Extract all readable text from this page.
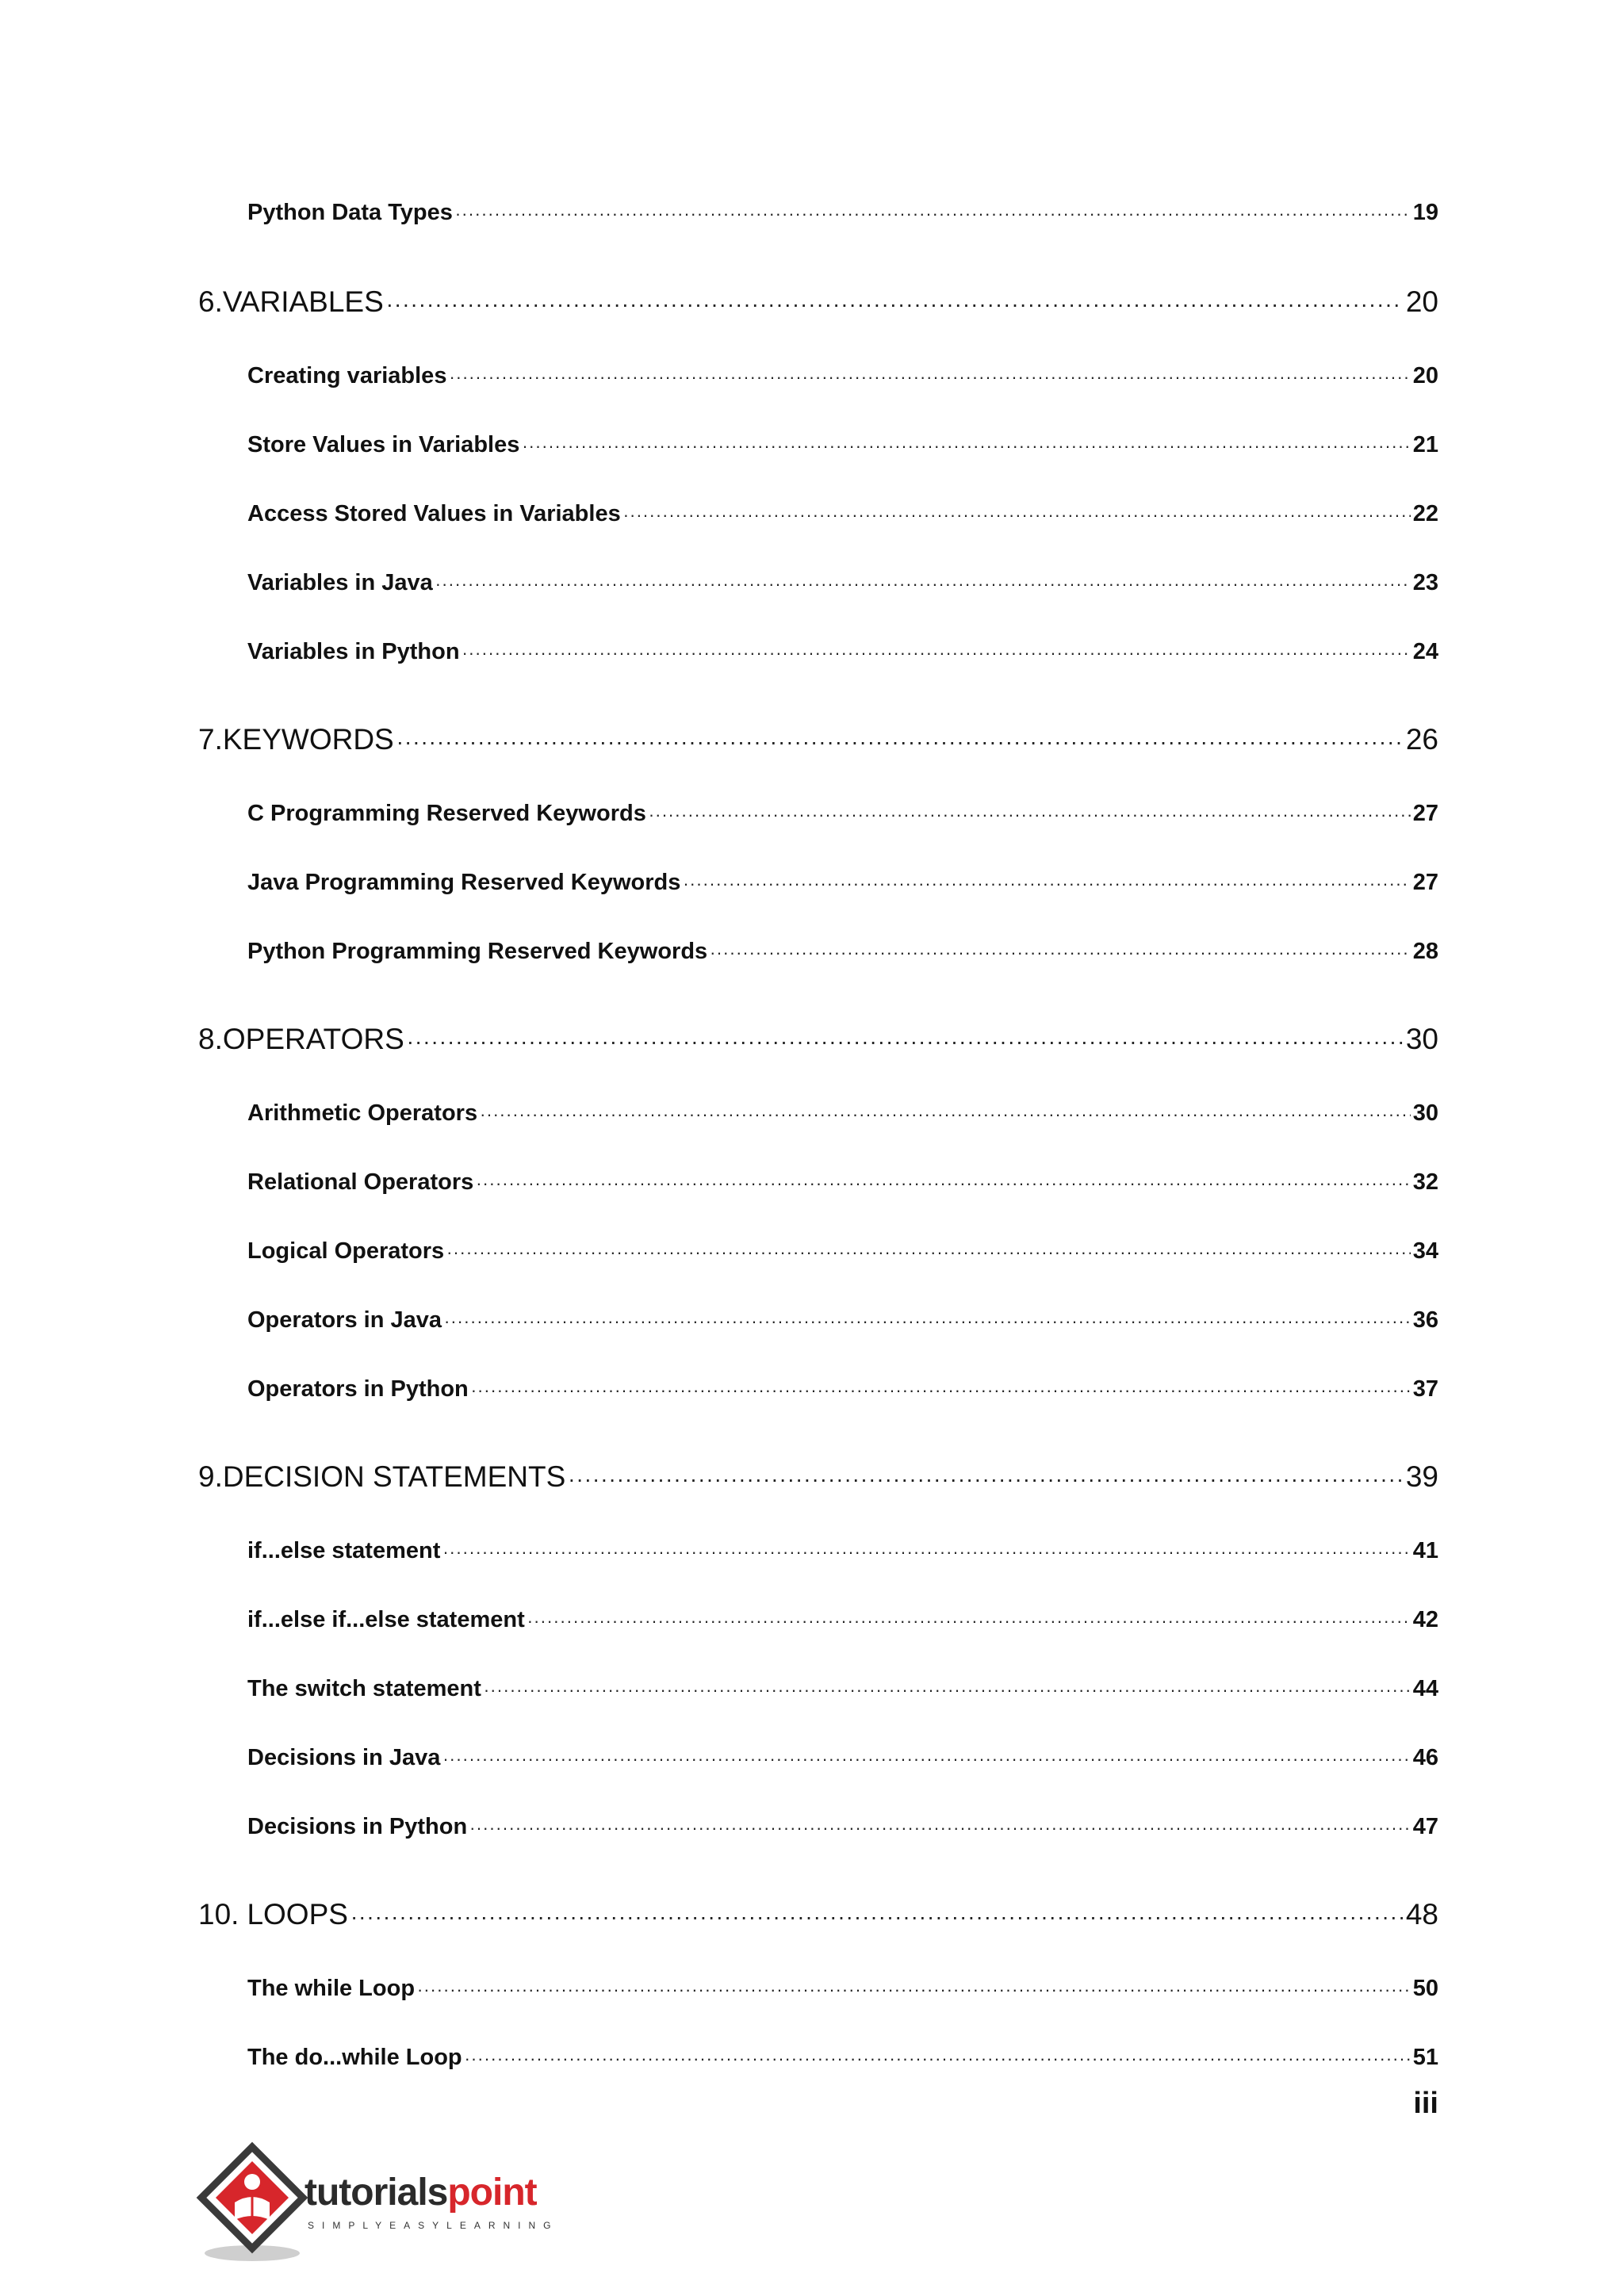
Python Data Types ·····	19
6. VARIABLES ·····	20
Creating variables ·····	20
Store Values in Variables ·····	21
Access Stored Values in Variables ·····	22
Variables in Java ·····	23
Variables in Python ·····	24
7. KEYWORDS ·····	26
C Programming Reserved Keywords ·····	27
Java Programming Reserved Keywords ·····	27
Python Programming Reserved Keywords ·····	28
8. OPERATORS ·····	30
Arithmetic Operators ·····	30
Relational Operators ·····	32
Logical Operators ·····	34
Operators in Java ·····	36
Operators in Python ·····	37
9. DECISION STATEMENTS ·····	39
if...else statement ·····	41
if...else if...else statement ·····	42
The switch statement ·····	44
Decisions in Java ·····	46
Decisions in Python ·····	47
10. LOOPS ·····	48
The while Loop ·····	50
The do...while Loop ·····	51
iii
tutorialspoint
SIMPLYEASYLEARNING
